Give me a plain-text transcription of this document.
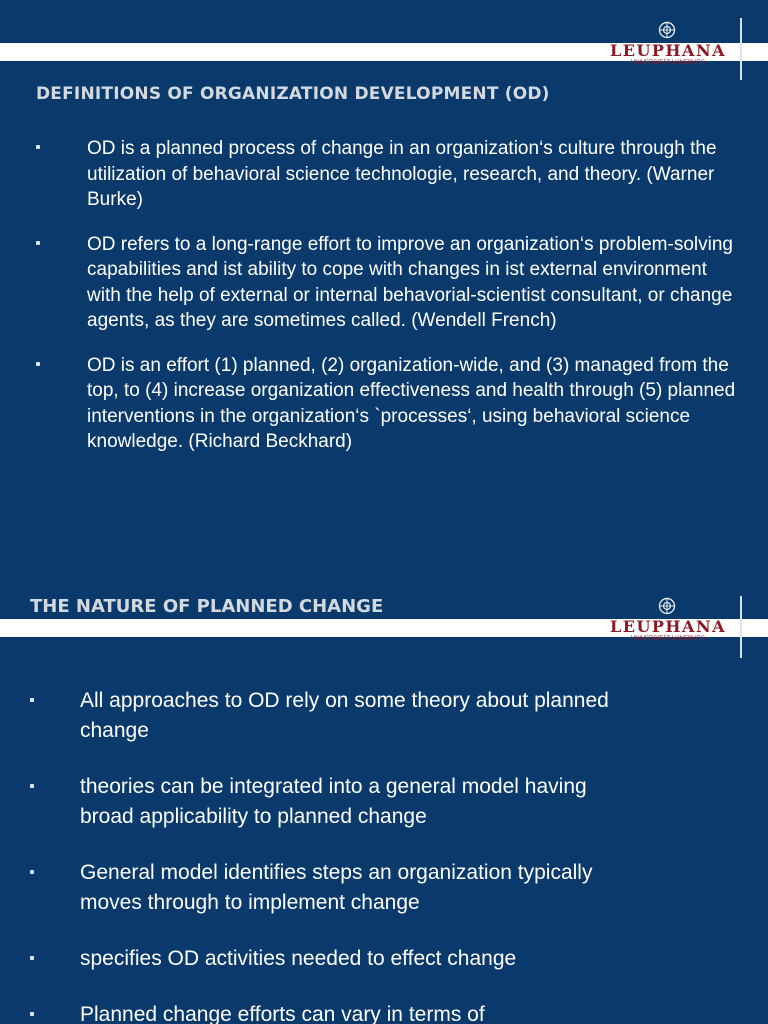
LEUPHANA
UNIVERSITÄT LÜNEBURG
DEFINITIONS OF ORGANIZATION DEVELOPMENT (OD)
OD is a planned process of change in an organization‘s culture through the utilization of behavioral science technologie, research, and theory. (Warner Burke)
OD refers to a long-range effort to improve an organization‘s problem-solving capabilities and ist ability to cope with changes in ist external environment with the help of external or internal behavorial-scientist consultant, or change agents, as they are sometimes called. (Wendell French)
OD is an effort (1) planned, (2) organization-wide, and (3) managed from the top, to (4) increase organization effectiveness and health through (5) planned interventions in the organization‘s `processes‘, using behavioral science knowledge. (Richard Beckhard)
LEUPHANA
UNIVERSITÄT LÜNEBURG
THE NATURE OF PLANNED CHANGE
All approaches to OD rely on some theory about planned change
theories can be integrated into a general model having broad applicability to planned change
General model identifies steps an organization typically moves through to implement change
specifies OD activities needed to effect change
Planned change efforts can vary in terms of
